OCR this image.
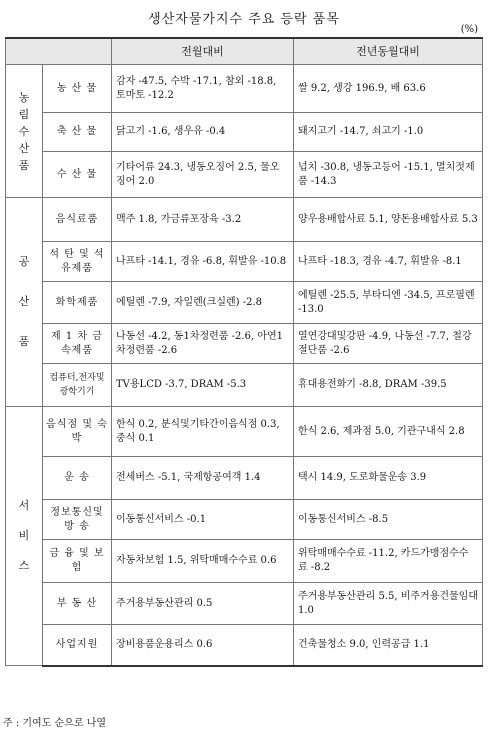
생산자물가지수 주요 등락 품목
(%)
		전월대비	전년동월대비

농
림
수
산
품	농 산 물	감자 -47.5, 수박 -17.1, 참외 -18.8, 토마토 -12.2	쌀 9.2, 생강 196.9, 배 63.6
	축 산 물	닭고기 -1.6, 생우유 -0.4	돼지고기 -14.7, 쇠고기 -1.0
	수 산 물	기타어류 24.3, 냉동오징어 2.5, 물오징어 2.0	넙치 -30.8, 냉동고등어 -15.1, 멸치젓제품 -14.3

공
산
품	음식료품	맥주 1.8, 가금류포장육 -3.2	양우용배합사료 5.1, 양돈용배합사료 5.3
	석 탄 및 석유제품	나프타 -14.1, 경유 -6.8, 휘발유 -10.8	나프타 -18.3, 경유 -4.7, 휘발유 -8.1
	화학제품	에틸렌 -7.9, 자일렌(크실렌) -2.8	에틸렌 -25.5, 부타디엔 -34.5, 프로필렌 -13.0
	제 1 차 금속제품	나동선 -4.2, 동1차정련품 -2.6, 아연1차정련품 -2.6	열연강대및강판 -4.9, 나동선 -7.7, 철강절단품 -2.6
	컴퓨터,전자및광학기기	TV용LCD -3.7, DRAM -5.3	휴대용전화기 -8.8, DRAM -39.5

서
비
스	음식점 및 숙 박	한식 0.2, 분식및기타간이음식점 0.3, 중식 0.1	한식 2.6, 제과점 5.0, 기관구내식 2.8
	운 송	전세버스 -5.1, 국제항공여객 1.4	택시 14.9, 도로화물운송 3.9
	정보통신및 방 송	이동통신서비스 -0.1	이동통신서비스 -8.5
	금 융 및 보 험	자동차보험 1.5, 위탁매매수수료 0.6	위탁매매수수료 -11.2, 카드가맹점수수료 -8.2
	부 동 산	주거용부동산관리 0.5	주거용부동산관리 5.5, 비주거용건물임대 1.0
	사업지원	장비용품운용리스 0.6	건축물청소 9.0, 인력공급 1.1
주 : 기여도 순으로 나열
